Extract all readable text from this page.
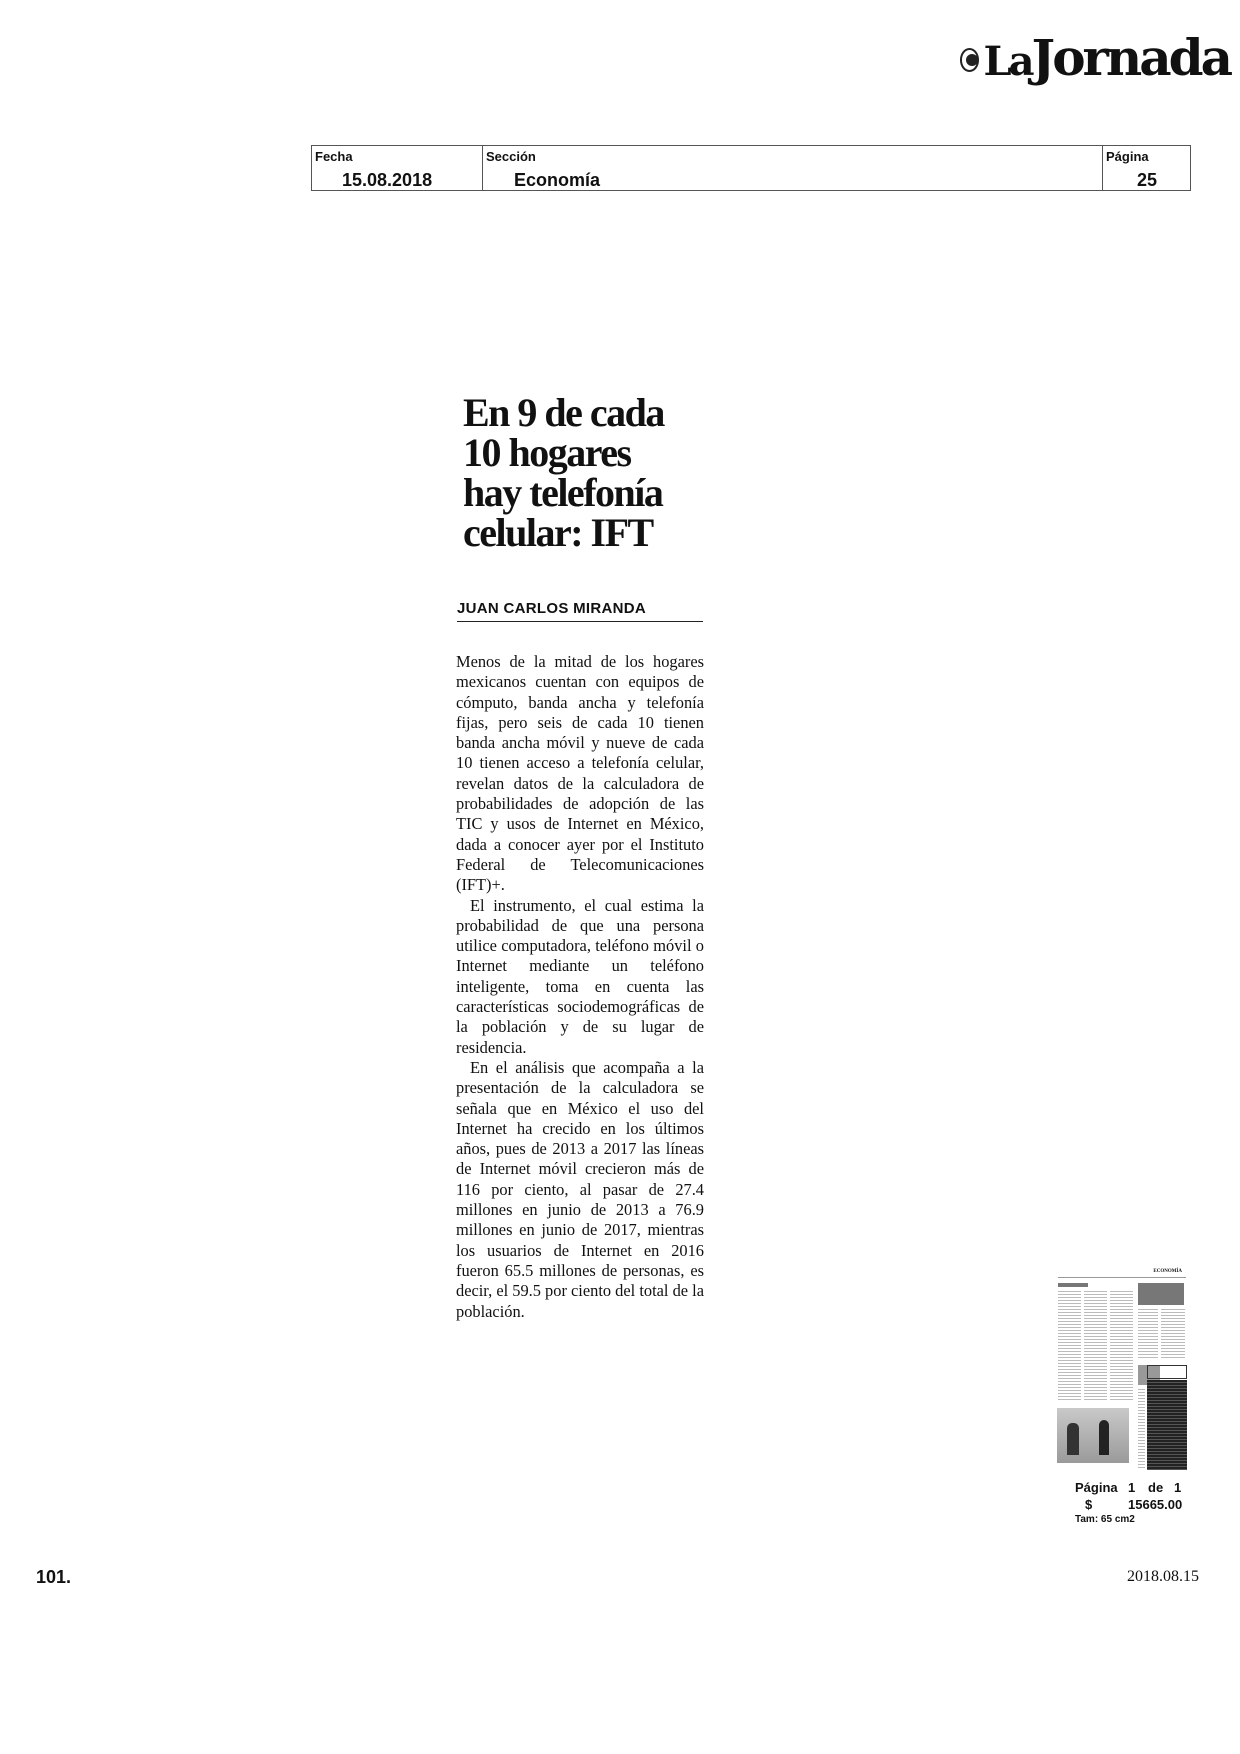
LaJornada
Fecha
15.08.2018
Sección
Economía
Página
25
En 9 de cada
10 hogares
hay telefonía
celular: IFT
JUAN CARLOS MIRANDA

Menos de la mitad de los hogares mexicanos cuentan con equipos de cómputo, banda ancha y telefonía fijas, pero seis de cada 10 tienen banda ancha móvil y nueve de cada 10 tienen acceso a telefonía celular, revelan datos de la calculadora de probabilidades de adopción de las TIC y usos de Internet en México, dada a conocer ayer por el Instituto Federal de Telecomunicaciones (IFT)+.

El instrumento, el cual estima la probabilidad de que una persona utilice computadora, teléfono móvil o Internet mediante un teléfono inteligente, toma en cuenta las características sociodemográficas de la población y de su lugar de residencia.

En el análisis que acompaña a la presentación de la calculadora se señala que en México el uso del Internet ha crecido en los últimos años, pues de 2013 a 2017 las líneas de Internet móvil crecieron más de 116 por ciento, al pasar de 27.4 millones en junio de 2013 a 76.9 millones en junio de 2017, mientras los usuarios de Internet en 2016 fueron 65.5 millones de personas, es decir, el 59.5 por ciento del total de la población.

ECONOMÍA
Página 1 de 1
$	15665.00
Tam: 65 cm2
101.	2018.08.15
